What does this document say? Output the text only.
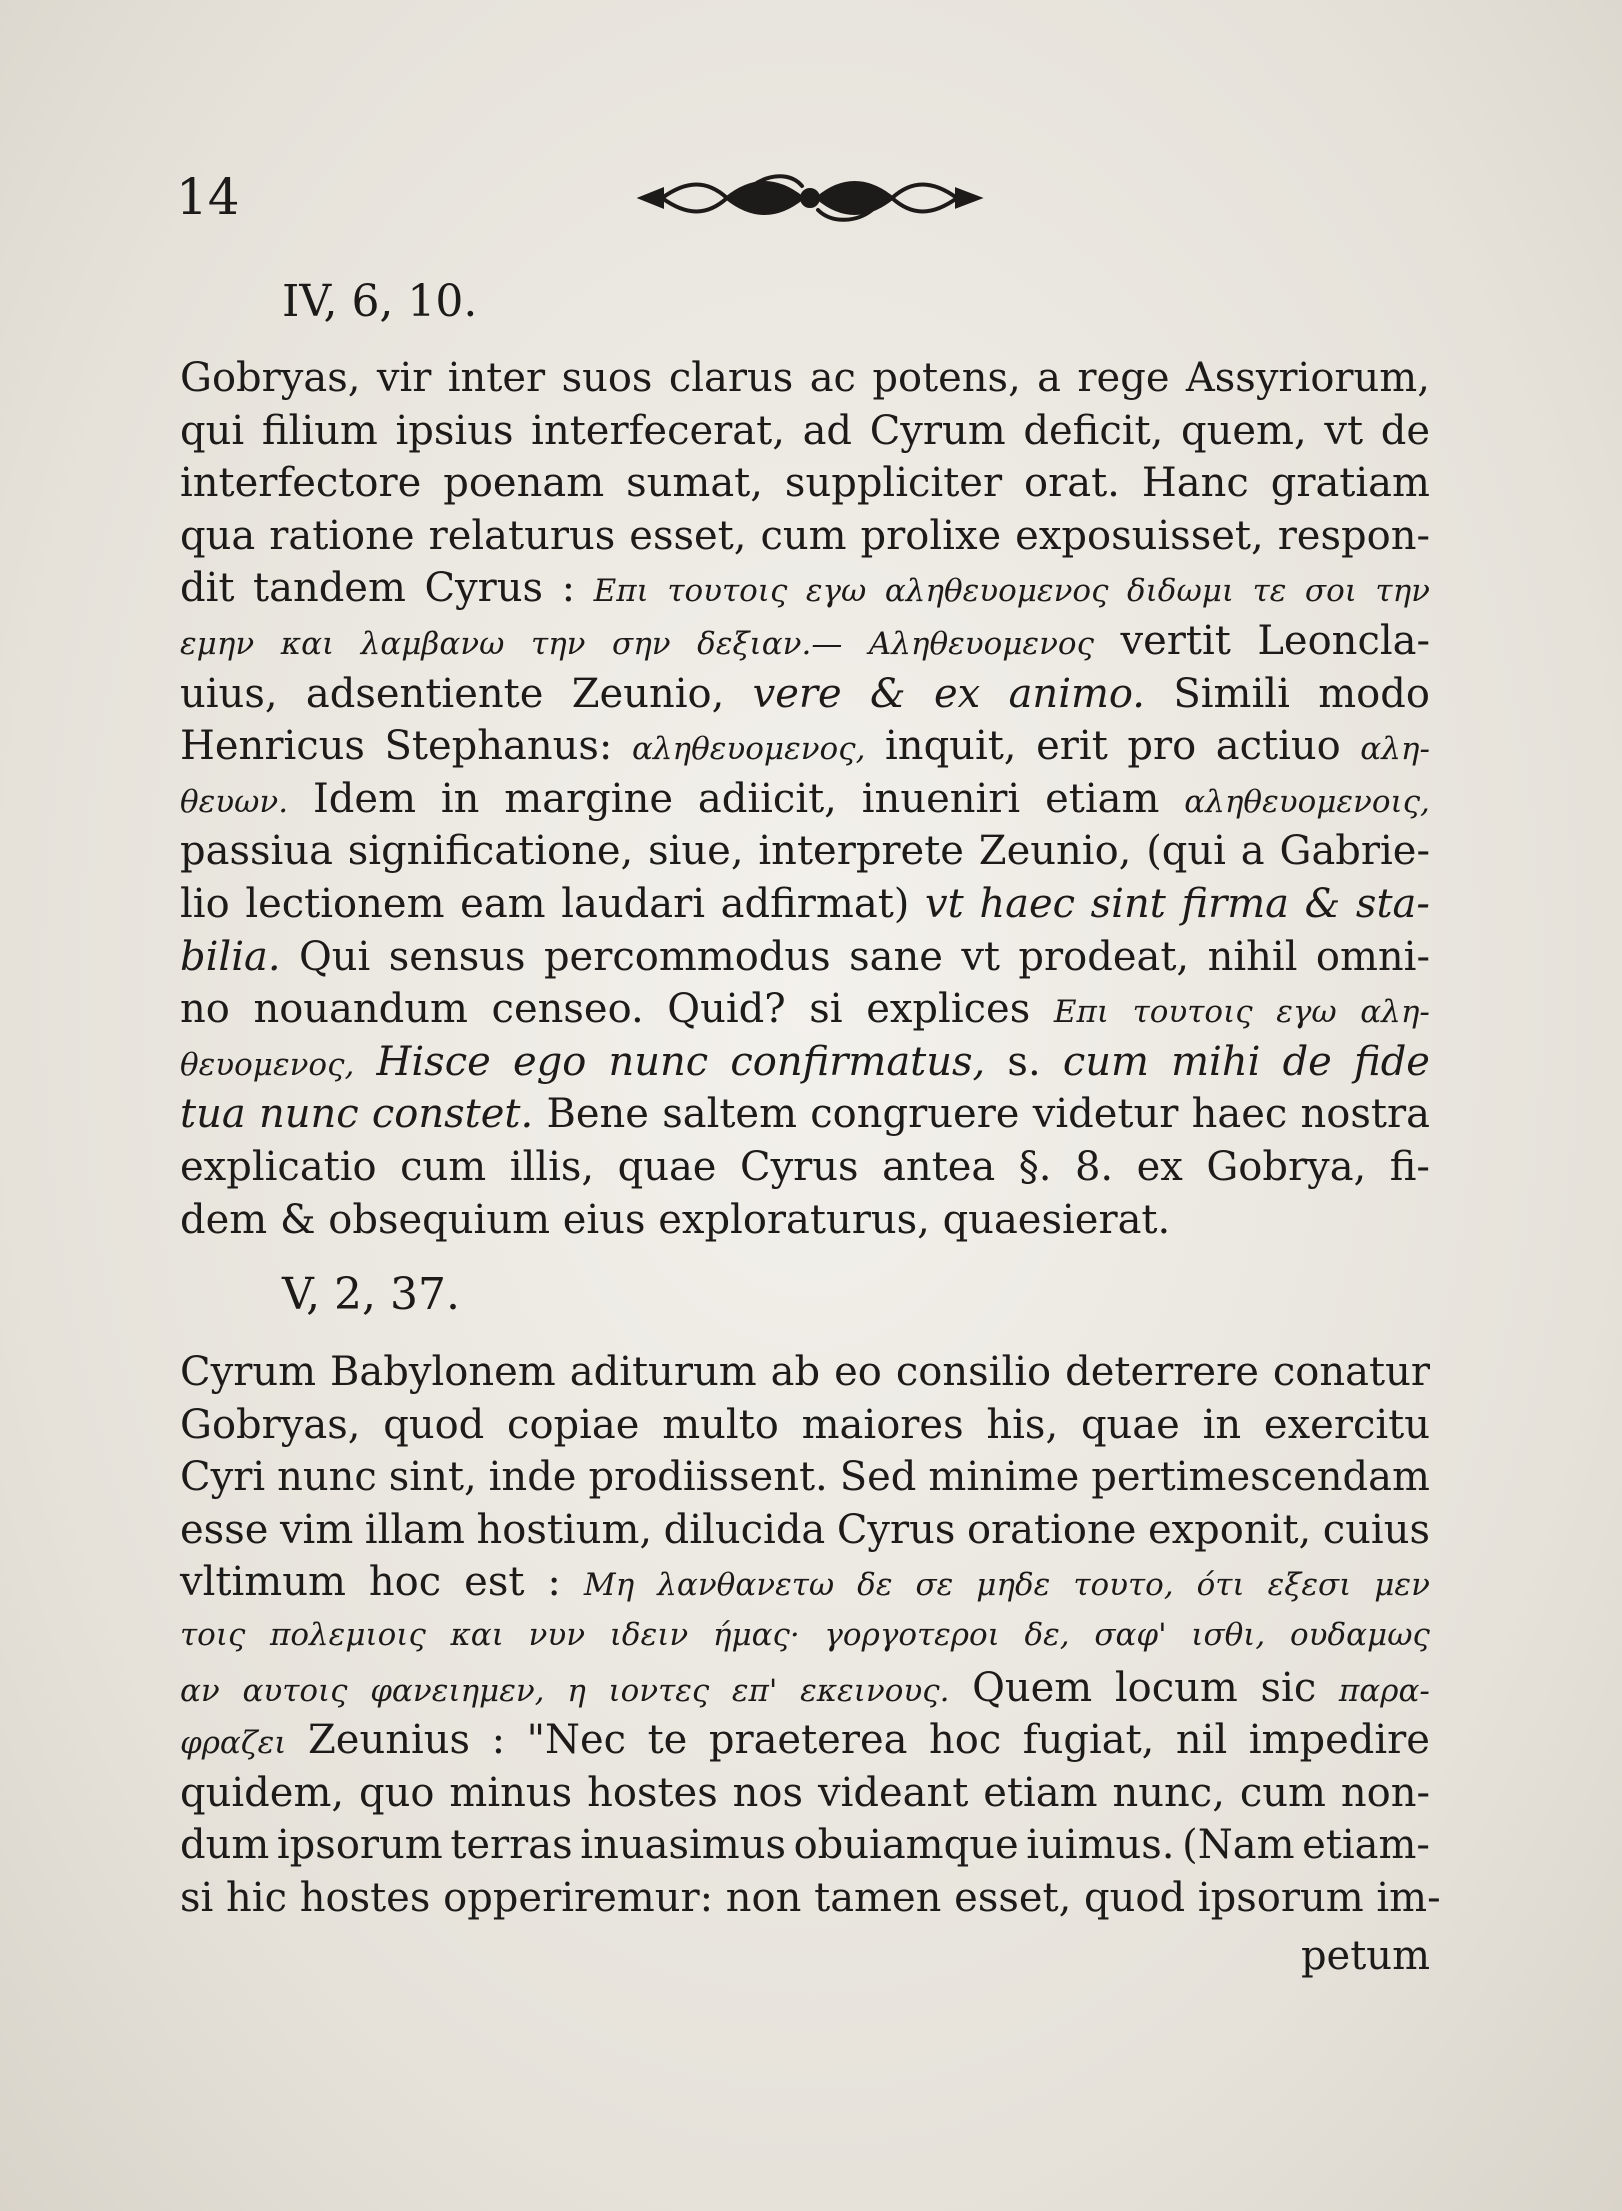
14
IV, 6, 10.
Gobryas, vir inter suos clarus ac potens, a rege Assyriorum,
qui filium ipsius interfecerat, ad Cyrum deficit, quem, vt de
interfectore poenam sumat, suppliciter orat. Hanc gratiam
qua ratione relaturus esset, cum prolixe exposuisset, respon-
dit tandem Cyrus : Επι τουτοις εγω αληθευομενος διδωμι τε σοι την
εμην και λαμβανω την σην δεξιαν.— Αληθευομενος vertit Leoncla-
uius, adsentiente Zeunio, vere & ex animo. Simili modo
Henricus Stephanus: αληθευομενος, inquit, erit pro actiuo αλη-
θευων. Idem in margine adiicit, inueniri etiam αληθευομενοις,
passiua significatione, siue, interprete Zeunio, (qui a Gabrie-
lio lectionem eam laudari adfirmat) vt haec sint firma & sta-
bilia. Qui sensus percommodus sane vt prodeat, nihil omni-
no nouandum censeo. Quid? si explices Επι τουτοις εγω αλη-
θευομενος, Hisce ego nunc confirmatus, s. cum mihi de fide
tua nunc constet. Bene saltem congruere videtur haec nostra
explicatio cum illis, quae Cyrus antea §. 8. ex Gobrya, fi-
dem
&
obsequium
eius
exploraturus,
quaesierat.
V, 2, 37.
Cyrum Babylonem aditurum ab eo consilio deterrere conatur
Gobryas, quod copiae multo maiores his, quae in exercitu
Cyri nunc sint, inde prodiissent. Sed minime pertimescendam
esse vim illam hostium, dilucida Cyrus oratione exponit, cuius
vltimum hoc est : Μη λανθανετω δε σε μηδε τουτο, ότι εξεσι μεν
τοις πολεμιοις και νυν ιδειν ήμας· γοργοτεροι δε, σαφ' ισθι, ουδαμως
αν αυτοις φανειημεν, η ιοντες επ' εκεινους. Quem locum sic παρα-
φραζει Zeunius : "Nec te praeterea hoc fugiat, nil impedire
quidem, quo minus hostes nos videant etiam nunc, cum non-
dum ipsorum terras inuasimus obuiamque iuimus. (Nam etiam-
si
hic
hostes
opperiremur:
non
tamen
esset,
quod
ipsorum
im-
petum
